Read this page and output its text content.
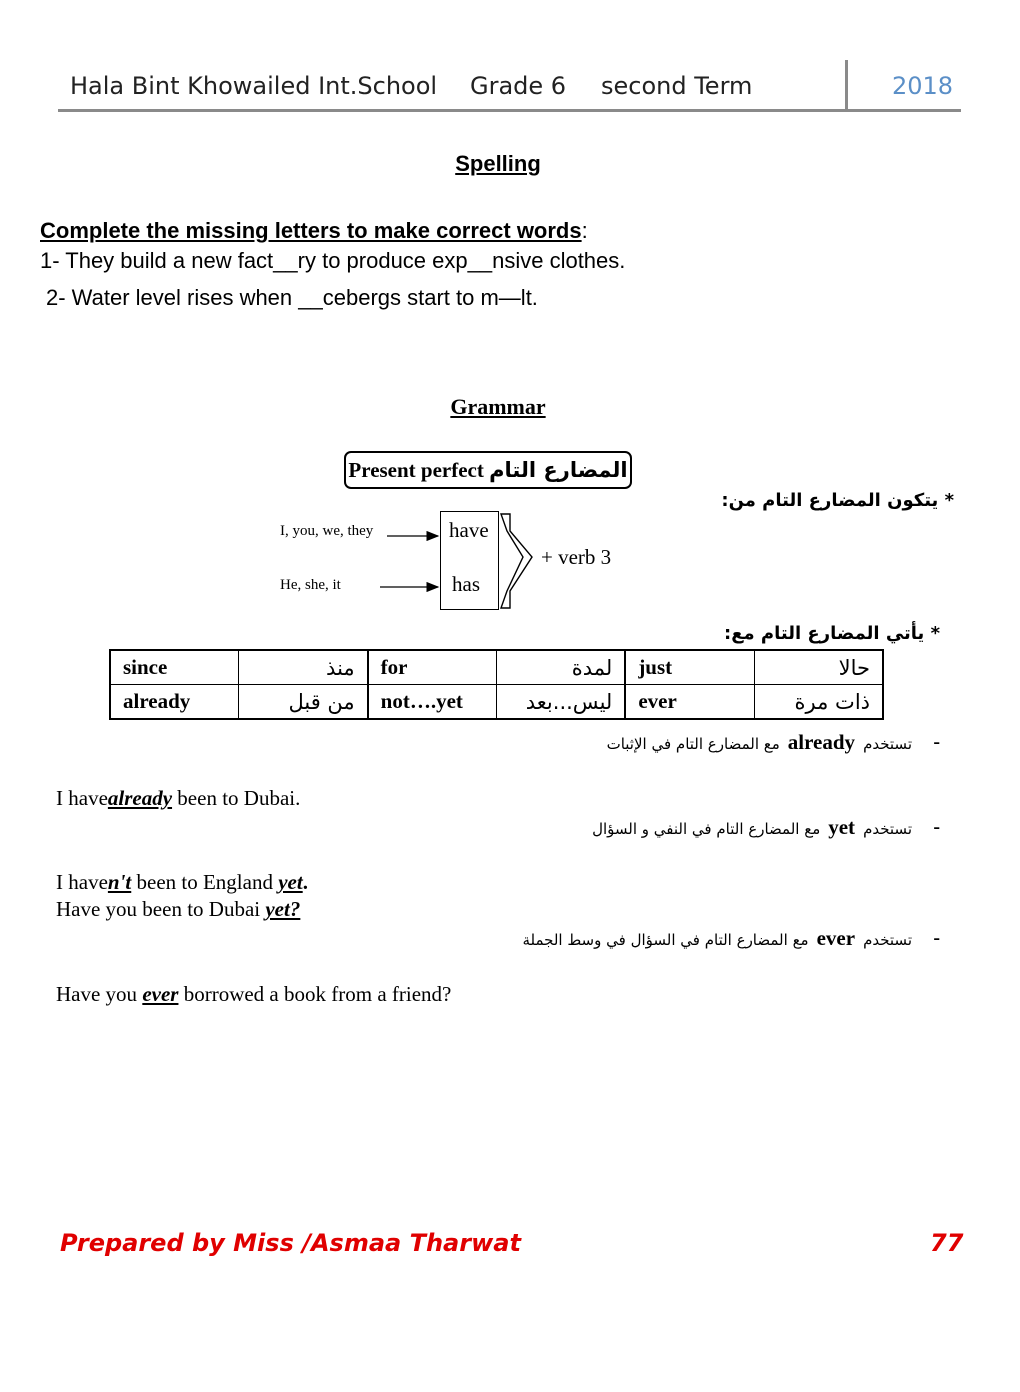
Hala Bint Khowailed Int.School Grade 6 second Term	2018
Spelling
Complete the missing letters to make correct words:
1- They build a new fact__ry to produce exp__nsive clothes.
2- Water level rises when __cebergs start to m—lt.
Grammar
Present perfect المضارع التام
* يتكون المضارع التام من:
I, you, we, they
He, she, it
have
has
+ verb 3
* يأتي المضارع التام مع:
since	منذ	for	لمدة	just	حالا
already	من قبل	not….yet	ليس...بعد	ever	ذات مرة
-
تستخدمalreadyمع المضارع التام في الإثبات
I havealready been to Dubai.
-
تستخدمyetمع المضارع التام في النفي و السؤال
I haven't been to England yet.
Have you been to Dubai yet?
-
تستخدمeverمع المضارع التام في السؤال في وسط الجملة
Have you ever borrowed a book from a friend?
Prepared by Miss /Asmaa Tharwat	77
